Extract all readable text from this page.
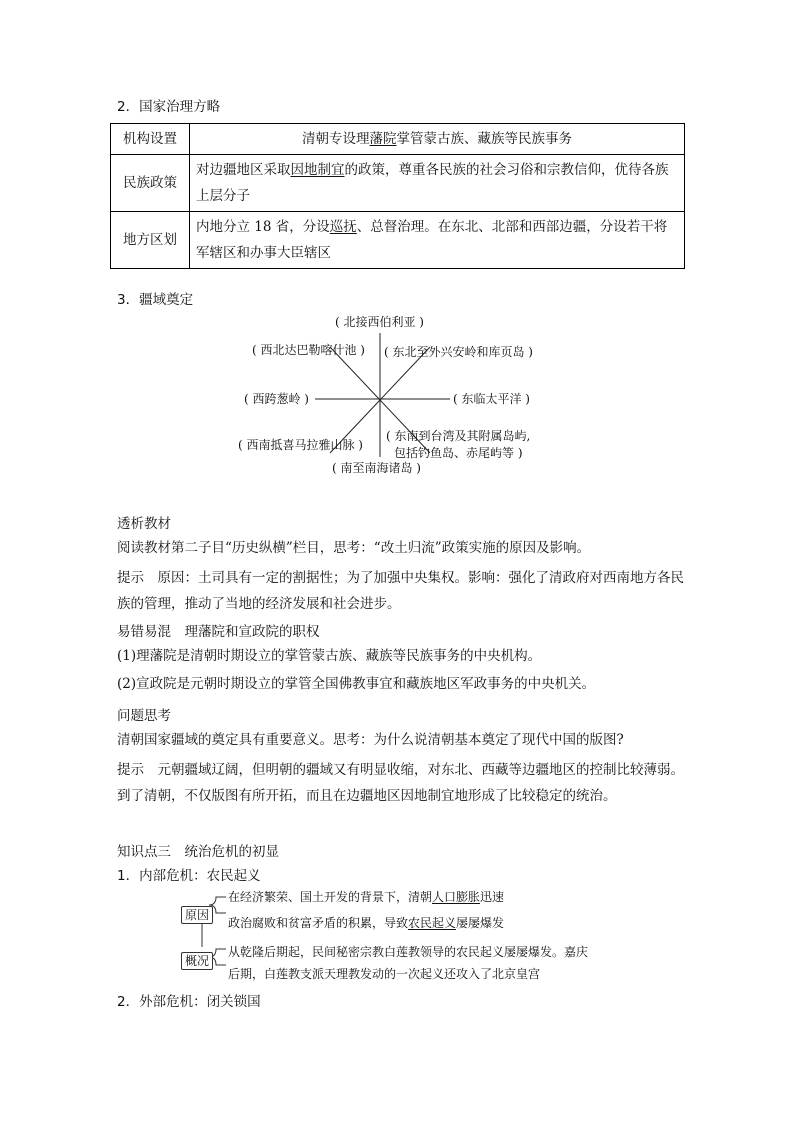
2．国家治理方略
机构设置	清朝专设理藩院掌管蒙古族、藏族等民族事务
民族政策	对边疆地区采取因地制宜的政策，尊重各民族的社会习俗和宗教信仰，优待各族上层分子
地方区划	内地分立 18 省，分设巡抚、总督治理。在东北、北部和西部边疆，分设若干将军辖区和办事大臣辖区
3．疆域奠定
( 北接西伯利亚 )
( 西北达巴勒喀什池 ) ( 东北至外兴安岭和库页岛 )
( 西跨葱岭 )	( 东临太平洋 )
( 西南抵喜马拉雅山脉 )
( 东南到台湾及其附属岛屿,
包括钓鱼岛、赤尾屿等 )
( 南至南海诸岛 )
透析教材
阅读教材第二子目“历史纵横”栏目，思考：“改土归流”政策实施的原因及影响。
提示　原因：土司具有一定的割据性；为了加强中央集权。影响：强化了清政府对西南地方各民族的管理，推动了当地的经济发展和社会进步。
易错易混　理藩院和宣政院的职权
(1)理藩院是清朝时期设立的掌管蒙古族、藏族等民族事务的中央机构。
(2)宣政院是元朝时期设立的掌管全国佛教事宜和藏族地区军政事务的中央机关。
问题思考
清朝国家疆域的奠定具有重要意义。思考：为什么说清朝基本奠定了现代中国的版图?
提示　元朝疆域辽阔，但明朝的疆域又有明显收缩，对东北、西藏等边疆地区的控制比较薄弱。到了清朝，不仅版图有所开拓，而且在边疆地区因地制宜地形成了比较稳定的统治。
知识点三　统治危机的初显
1．内部危机：农民起义
原因
概况
在经济繁荣、国土开发的背景下，清朝人口膨胀迅速
政治腐败和贫富矛盾的积累，导致农民起义屡屡爆发
从乾隆后期起，民间秘密宗教白莲教领导的农民起义屡屡爆发。嘉庆
后期，白莲教支派天理教发动的一次起义还攻入了北京皇宫
2．外部危机：闭关锁国
